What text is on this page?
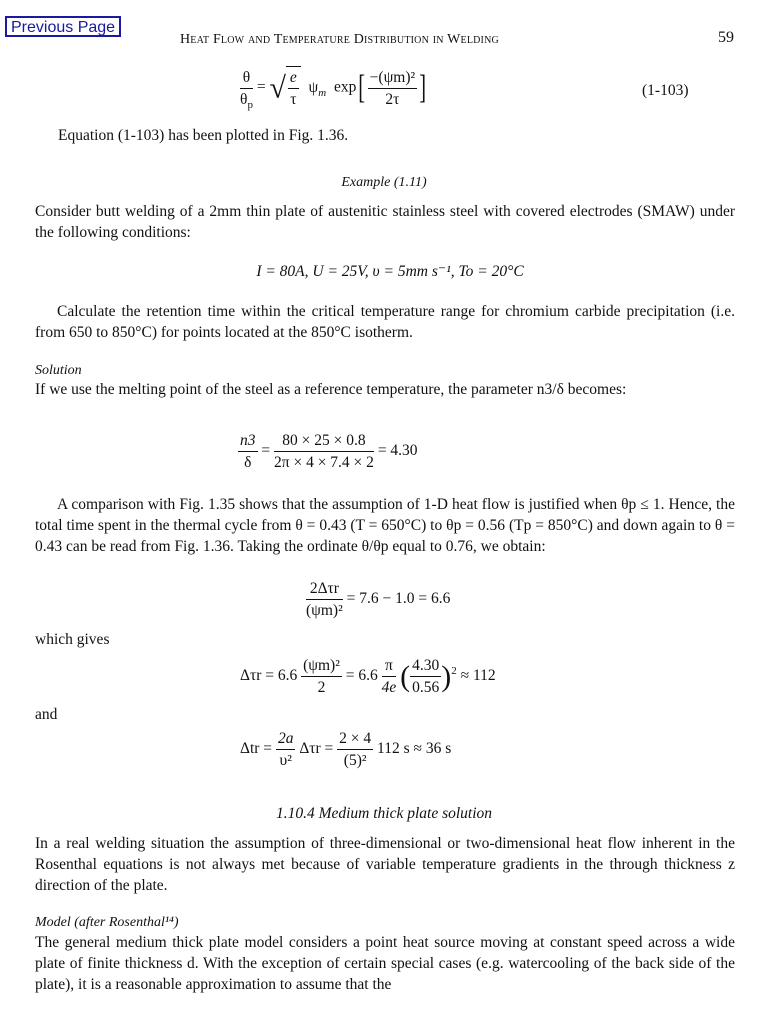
Previous Page
Heat Flow and Temperature Distribution in Welding	59
$\frac{\theta}{\theta_p}$ = √ $\frac{e}{\tau} \psi_m$ $\exp[ \frac{\text{−(ψm)²}}{2\tau}$ ]	(1-103)
Equation (1-103) has been plotted in Fig. 1.36.
Example (1.11)
Consider butt welding of a 2mm thin plate of austenitic stainless steel with covered electrodes (SMAW) under the following conditions:
I = 80A, U = 25V, υ = 5mm s⁻¹, To = 20°C
Calculate the retention time within the critical temperature range for chromium carbide precipitation (i.e. from 650 to 850°C) for points located at the 850°C isotherm.
Solution
If we use the melting point of the steel as a reference temperature, the parameter n3/δ becomes:
$\frac{n3}{\delta} = \frac{80 \times 25 \times 0.8}{2\pi \times 4 \times 7.4 \times 2} = 4.30$
A comparison with Fig. 1.35 shows that the assumption of 1-D heat flow is justified when θp ≤ 1. Hence, the total time spent in the thermal cycle from θ = 0.43 (T = 650°C) to θp = 0.56 (Tp = 850°C) and down again to θ = 0.43 can be read from Fig. 1.36. Taking the ordinate θ/θp equal to 0.76, we obtain:
$\frac{\text{2Δτr}}{\text{(ψm)²}} = 7.6 - 1.0 = 6.6$
which gives
$\Delta\tau r = 6.6 \frac{\text{(ψm)²}}{2} = 6.6 \frac{\pi}{4e}$ ( $\frac{4.30}{0.56} )^2 \approx 112$
and
$\Delta tr = \frac{2a}{\text{υ²}}$ $\Delta\tau r = \frac{2 \times 4}{\text{(5)²}} 112$ s ≈ 36 s
1.10.4 Medium thick plate solution
In a real welding situation the assumption of three-dimensional or two-dimensional heat flow inherent in the Rosenthal equations is not always met because of variable temperature gradients in the through thickness z direction of the plate.
Model (after Rosenthal¹⁴)
The general medium thick plate model considers a point heat source moving at constant speed across a wide plate of finite thickness d. With the exception of certain special cases (e.g. watercooling of the back side of the plate), it is a reasonable approximation to assume that the
